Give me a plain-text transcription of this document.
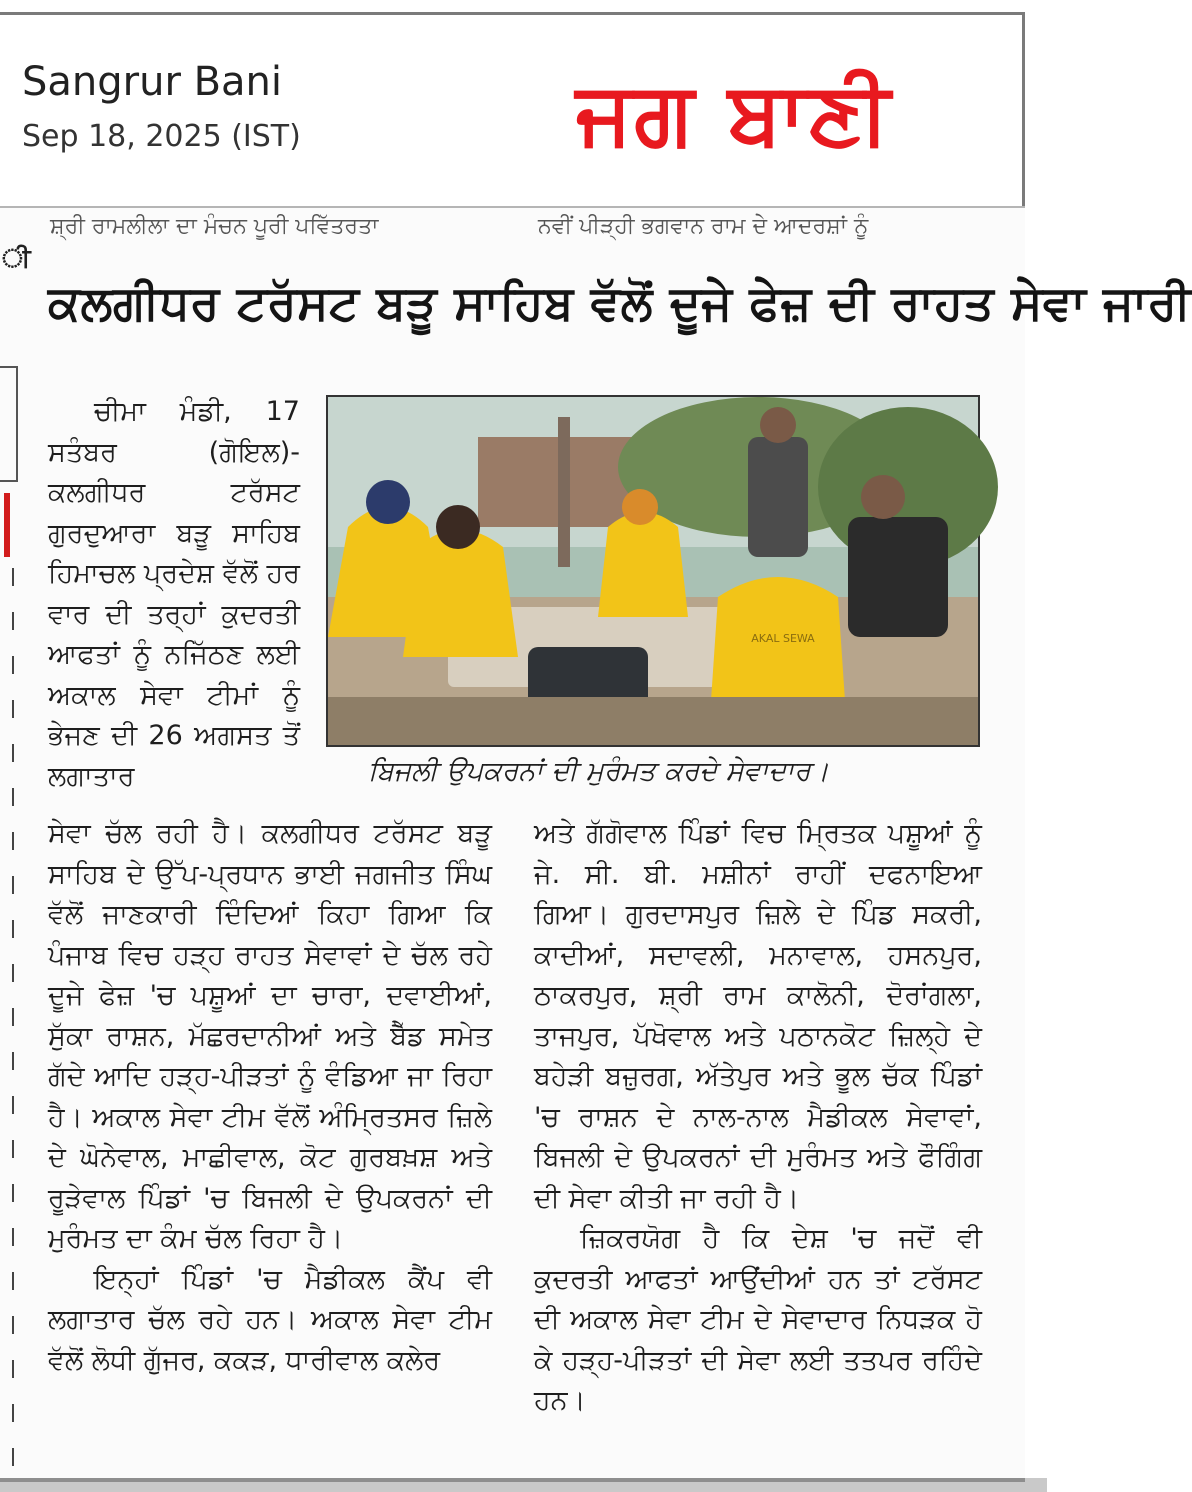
Sangrur Bani
Sep 18, 2025 (IST)	ਜਗ ਬਾਣੀ
ੀ
ਸ਼੍ਰੀ ਰਾਮਲੀਲਾ ਦਾ ਮੰਚਨ ਪੂਰੀ ਪਵਿੱਤਰਤਾ	ਨਵੀਂ ਪੀੜ੍ਹੀ ਭਗਵਾਨ ਰਾਮ ਦੇ ਆਦਰਸ਼ਾਂ ਨੂੰ
ਕਲਗੀਧਰ ਟਰੱਸਟ ਬੜੂ ਸਾਹਿਬ ਵੱਲੋਂ ਦੂਜੇ ਫੇਜ਼ ਦੀ ਰਾਹਤ ਸੇਵਾ ਜਾਰੀ

ਚੀਮਾ ਮੰਡੀ, 17 ਸਤੰਬਰ (ਗੋਇਲ)- ਕਲਗੀਧਰ ਟਰੱਸਟ ਗੁਰਦੁਆਰਾ ਬੜੂ ਸਾਹਿਬ ਹਿਮਾਚਲ ਪ੍ਰਦੇਸ਼ ਵੱਲੋਂ ਹਰ ਵਾਰ ਦੀ ਤਰ੍ਹਾਂ ਕੁਦਰਤੀ ਆਫਤਾਂ ਨੂੰ ਨਜਿੱਠਣ ਲਈ ਅਕਾਲ ਸੇਵਾ ਟੀਮਾਂ ਨੂੰ ਭੇਜਣ ਦੀ 26 ਅਗਸਤ ਤੋਂ ਲਗਾਤਾਰ

AKAL SEWA
ਬਿਜਲੀ ਉਪਕਰਨਾਂ ਦੀ ਮੁਰੰਮਤ ਕਰਦੇ ਸੇਵਾਦਾਰ।

ਸੇਵਾ ਚੱਲ ਰਹੀ ਹੈ। ਕਲਗੀਧਰ ਟਰੱਸਟ ਬੜੂ ਸਾਹਿਬ ਦੇ ਉੱਪ-ਪ੍ਰਧਾਨ ਭਾਈ ਜਗਜੀਤ ਸਿੰਘ ਵੱਲੋਂ ਜਾਣਕਾਰੀ ਦਿੰਦਿਆਂ ਕਿਹਾ ਗਿਆ ਕਿ ਪੰਜਾਬ ਵਿਚ ਹੜ੍ਹ ਰਾਹਤ ਸੇਵਾਵਾਂ ਦੇ ਚੱਲ ਰਹੇ ਦੂਜੇ ਫੇਜ਼ 'ਚ ਪਸ਼ੂਆਂ ਦਾ ਚਾਰਾ, ਦਵਾਈਆਂ, ਸੁੱਕਾ ਰਾਸ਼ਨ, ਮੱਛਰਦਾਨੀਆਂ ਅਤੇ ਬੈੱਡ ਸਮੇਤ ਗੱਦੇ ਆਦਿ ਹੜ੍ਹ-ਪੀੜਤਾਂ ਨੂੰ ਵੰਡਿਆ ਜਾ ਰਿਹਾ ਹੈ। ਅਕਾਲ ਸੇਵਾ ਟੀਮ ਵੱਲੋਂ ਅੰਮ੍ਰਿਤਸਰ ਜ਼ਿਲੇ ਦੇ ਘੋਨੇਵਾਲ, ਮਾਛੀਵਾਲ, ਕੋਟ ਗੁਰਬਖ਼ਸ਼ ਅਤੇ ਰੂੜੇਵਾਲ ਪਿੰਡਾਂ 'ਚ ਬਿਜਲੀ ਦੇ ਉਪਕਰਨਾਂ ਦੀ ਮੁਰੰਮਤ ਦਾ ਕੰਮ ਚੱਲ ਰਿਹਾ ਹੈ।

ਇਨ੍ਹਾਂ ਪਿੰਡਾਂ 'ਚ ਮੈਡੀਕਲ ਕੈਂਪ ਵੀ ਲਗਾਤਾਰ ਚੱਲ ਰਹੇ ਹਨ। ਅਕਾਲ ਸੇਵਾ ਟੀਮ ਵੱਲੋਂ ਲੋਧੀ ਗੁੱਜਰ, ਕਕੜ, ਧਾਰੀਵਾਲ ਕਲੇਰ

ਅਤੇ ਗੱਗੋਵਾਲ ਪਿੰਡਾਂ ਵਿਚ ਮ੍ਰਿਤਕ ਪਸ਼ੂਆਂ ਨੂੰ ਜੇ. ਸੀ. ਬੀ. ਮਸ਼ੀਨਾਂ ਰਾਹੀਂ ਦਫਨਾਇਆ ਗਿਆ। ਗੁਰਦਾਸਪੁਰ ਜ਼ਿਲੇ ਦੇ ਪਿੰਡ ਸਕਰੀ, ਕਾਦੀਆਂ, ਸਦਾਵਲੀ, ਮਨਾਵਾਲ, ਹਸਨਪੁਰ, ਠਾਕਰਪੁਰ, ਸ਼੍ਰੀ ਰਾਮ ਕਾਲੋਨੀ, ਦੋਰਾਂਗਲਾ, ਤਾਜਪੁਰ, ਪੱਖੋਵਾਲ ਅਤੇ ਪਠਾਨਕੋਟ ਜ਼ਿਲ੍ਹੇ ਦੇ ਬਹੇੜੀ ਬਜ਼ੁਰਗ, ਅੱਤੇਪੁਰ ਅਤੇ ਭੂਲ ਚੱਕ ਪਿੰਡਾਂ 'ਚ ਰਾਸ਼ਨ ਦੇ ਨਾਲ-ਨਾਲ ਮੈਡੀਕਲ ਸੇਵਾਵਾਂ, ਬਿਜਲੀ ਦੇ ਉਪਕਰਨਾਂ ਦੀ ਮੁਰੰਮਤ ਅਤੇ ਫੌਗਿੰਗ ਦੀ ਸੇਵਾ ਕੀਤੀ ਜਾ ਰਹੀ ਹੈ।

ਜ਼ਿਕਰਯੋਗ ਹੈ ਕਿ ਦੇਸ਼ 'ਚ ਜਦੋਂ ਵੀ ਕੁਦਰਤੀ ਆਫਤਾਂ ਆਉਂਦੀਆਂ ਹਨ ਤਾਂ ਟਰੱਸਟ ਦੀ ਅਕਾਲ ਸੇਵਾ ਟੀਮ ਦੇ ਸੇਵਾਦਾਰ ਨਿਧੜਕ ਹੋ ਕੇ ਹੜ੍ਹ-ਪੀੜਤਾਂ ਦੀ ਸੇਵਾ ਲਈ ਤਤਪਰ ਰਹਿੰਦੇ ਹਨ।
